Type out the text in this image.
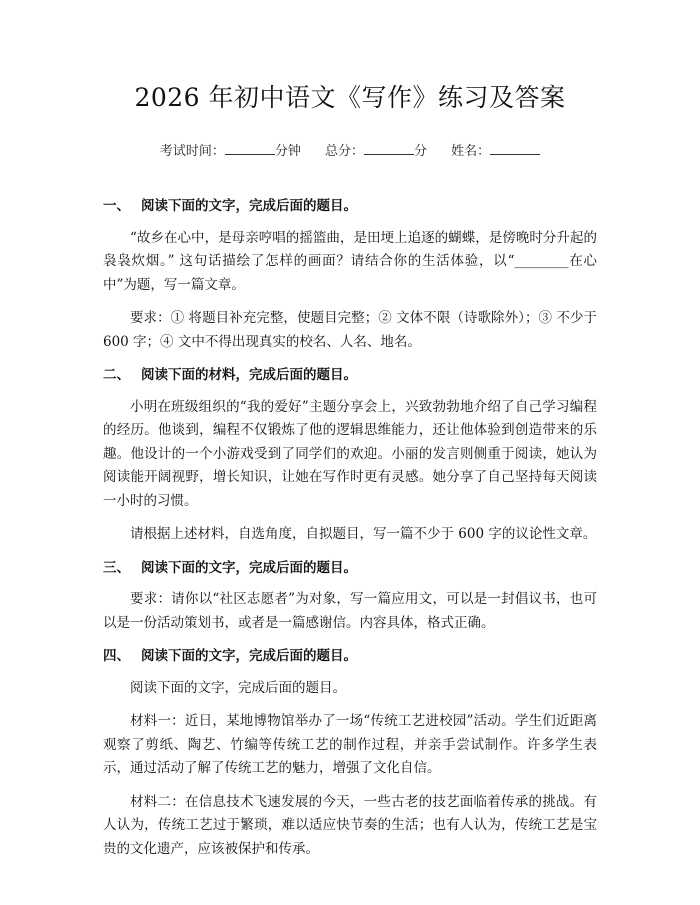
2026 年初中语文《写作》练习及答案
考试时间：	分钟 总分：	分 姓名：
一、 阅读下面的文字，完成后面的题目。

“故乡在心中，是母亲哼唱的摇篮曲，是田埂上追逐的蝴蝶，是傍晚时分升起的袅袅炊烟。” 这句话描绘了怎样的画面？请结合你的生活体验，以“________在心中”为题，写一篇文章。

要求：① 将题目补充完整，使题目完整；② 文体不限（诗歌除外）；③ 不少于 600 字；④ 文中不得出现真实的校名、人名、地名。

二、 阅读下面的材料，完成后面的题目。

小明在班级组织的“我的爱好”主题分享会上，兴致勃勃地介绍了自己学习编程的经历。他谈到，编程不仅锻炼了他的逻辑思维能力，还让他体验到创造带来的乐趣。他设计的一个小游戏受到了同学们的欢迎。小丽的发言则侧重于阅读，她认为阅读能开阔视野，增长知识，让她在写作时更有灵感。她分享了自己坚持每天阅读一小时的习惯。

请根据上述材料，自选角度，自拟题目，写一篇不少于 600 字的议论性文章。

三、 阅读下面的文字，完成后面的题目。

要求：请你以“社区志愿者”为对象，写一篇应用文，可以是一封倡议书，也可以是一份活动策划书，或者是一篇感谢信。内容具体，格式正确。

四、 阅读下面的文字，完成后面的题目。

阅读下面的文字，完成后面的题目。

材料一：近日，某地博物馆举办了一场“传统工艺进校园”活动。学生们近距离观察了剪纸、陶艺、竹编等传统工艺的制作过程，并亲手尝试制作。许多学生表示，通过活动了解了传统工艺的魅力，增强了文化自信。

材料二：在信息技术飞速发展的今天，一些古老的技艺面临着传承的挑战。有人认为，传统工艺过于繁琐，难以适应快节奏的生活；也有人认为，传统工艺是宝贵的文化遗产，应该被保护和传承。
